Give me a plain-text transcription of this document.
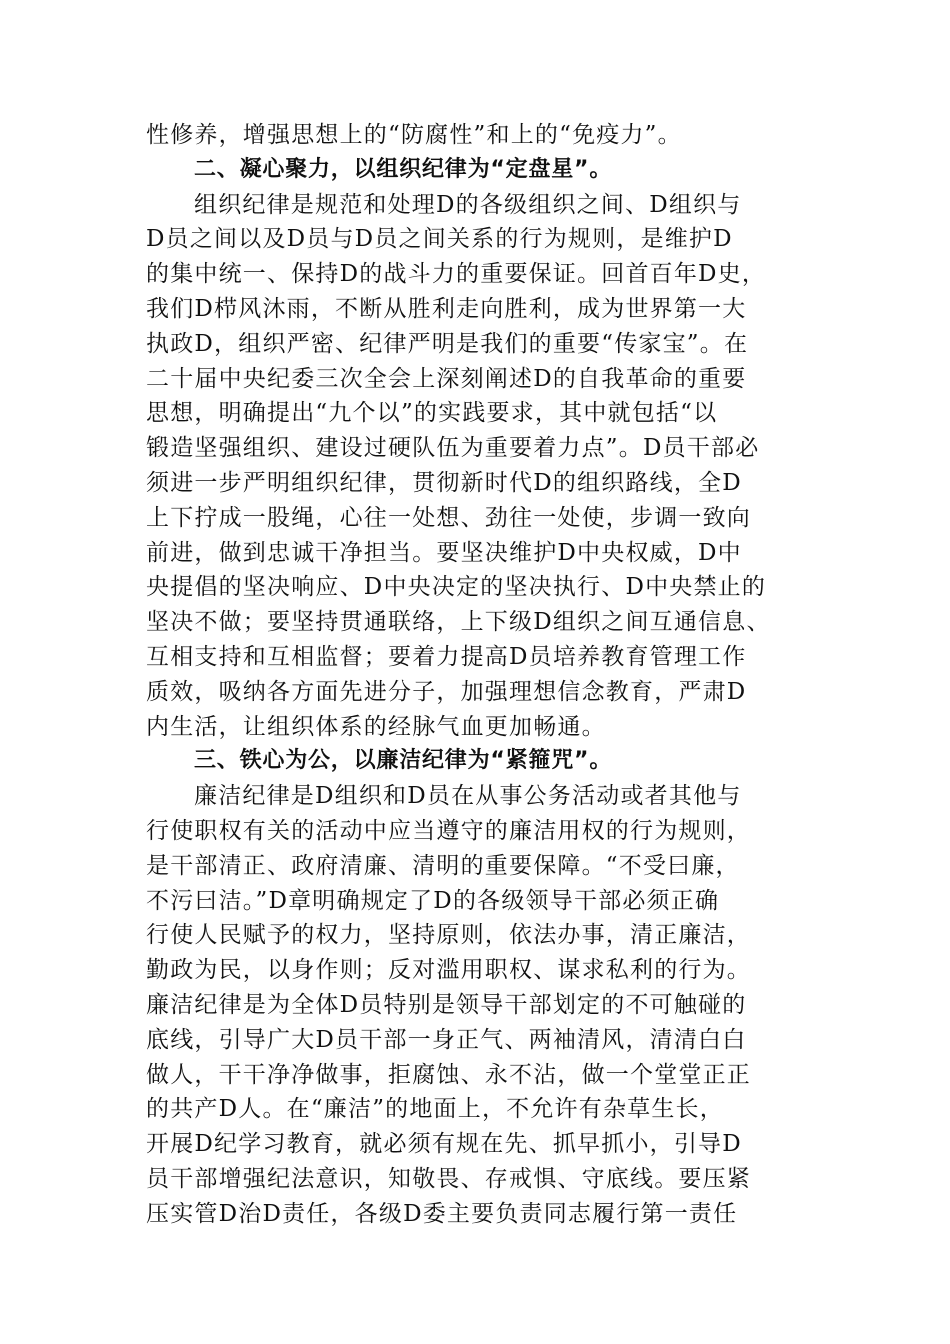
性修养，增强思想上的“防腐性”和上的“免疫力”。
二、凝心聚力，以组织纪律为“定盘星”。
组织纪律是规范和处理D的各级组织之间、D组织与
D员之间以及D员与D员之间关系的行为规则，是维护D
的集中统一、保持D的战斗力的重要保证。回首百年D史，
我们D栉风沐雨，不断从胜利走向胜利，成为世界第一大
执政D，组织严密、纪律严明是我们的重要“传家宝”。在
二十届中央纪委三次全会上深刻阐述D的自我革命的重要
思想，明确提出“九个以”的实践要求，其中就包括“以
锻造坚强组织、建设过硬队伍为重要着力点”。D员干部必
须进一步严明组织纪律，贯彻新时代D的组织路线，全D
上下拧成一股绳，心往一处想、劲往一处使，步调一致向
前进，做到忠诚干净担当。要坚决维护D中央权威，D中
央提倡的坚决响应、D中央决定的坚决执行、D中央禁止的
坚决不做；要坚持贯通联络，上下级D组织之间互通信息、
互相支持和互相监督；要着力提高D员培养教育管理工作
质效，吸纳各方面先进分子，加强理想信念教育，严肃D
内生活，让组织体系的经脉气血更加畅通。
三、铁心为公，以廉洁纪律为“紧箍咒”。
廉洁纪律是D组织和D员在从事公务活动或者其他与
行使职权有关的活动中应当遵守的廉洁用权的行为规则，
是干部清正、政府清廉、清明的重要保障。“不受曰廉，
不污曰洁。”D章明确规定了D的各级领导干部必须正确
行使人民赋予的权力，坚持原则，依法办事，清正廉洁，
勤政为民，以身作则；反对滥用职权、谋求私利的行为。
廉洁纪律是为全体D员特别是领导干部划定的不可触碰的
底线，引导广大D员干部一身正气、两袖清风，清清白白
做人，干干净净做事，拒腐蚀、永不沾，做一个堂堂正正
的共产D人。在“廉洁”的地面上，不允许有杂草生长，
开展D纪学习教育，就必须有规在先、抓早抓小，引导D
员干部增强纪法意识，知敬畏、存戒惧、守底线。要压紧
压实管D治D责任，各级D委主要负责同志履行第一责任
